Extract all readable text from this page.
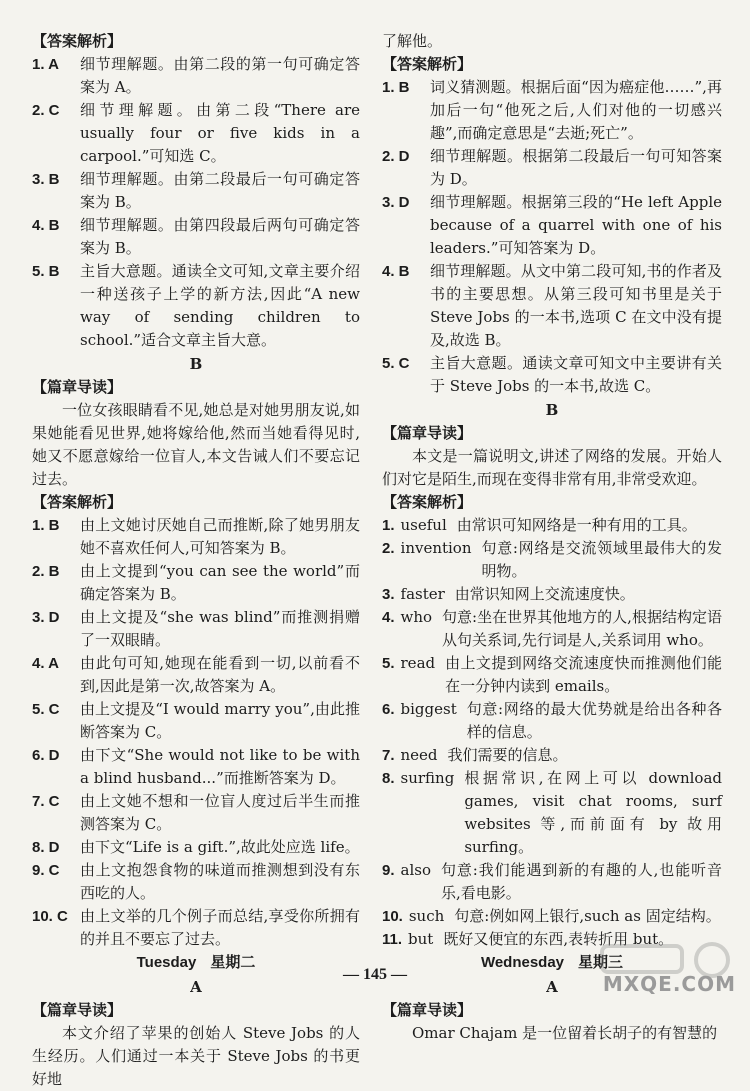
【答案解析】
1. A	细节理解题。由第二段的第一句可确定答案为 A。
2. C	细节理解题。由第二段“There are usually four or five kids in a carpool.”可知选 C。
3. B	细节理解题。由第二段最后一句可确定答案为 B。
4. B	细节理解题。由第四段最后两句可确定答案为 B。
5. B	主旨大意题。通读全文可知,文章主要介绍一种送孩子上学的新方法,因此“A new way of sending children to school.”适合文章主旨大意。
B
【篇章导读】

一位女孩眼睛看不见,她总是对她男朋友说,如果她能看见世界,她将嫁给他,然而当她看得见时,她又不愿意嫁给一位盲人,本文告诫人们不要忘记过去。

【答案解析】
1. B	由上文她讨厌她自己而推断,除了她男朋友她不喜欢任何人,可知答案为 B。
2. B	由上文提到“you can see the world”而确定答案为 B。
3. D	由上文提及“she was blind”而推测捐赠了一双眼睛。
4. A	由此句可知,她现在能看到一切,以前看不到,因此是第一次,故答案为 A。
5. C	由上文提及“I would marry you”,由此推断答案为 C。
6. D	由下文“She would not like to be with a blind husband...”而推断答案为 D。
7. C	由上文她不想和一位盲人度过后半生而推测答案为 C。
8. D	由下文“Life is a gift.”,故此处应选 life。
9. C	由上文抱怨食物的味道而推测想到没有东西吃的人。
10. C 由上文举的几个例子而总结,享受你所拥有的并且不要忘了过去。
Tuesday 星期二
A
【篇章导读】

本文介绍了苹果的创始人 Steve Jobs 的人生经历。人们通过一本关于 Steve Jobs 的书更好地

了解他。

【答案解析】
1. B	词义猜测题。根据后面“因为癌症他……”,再加后一句“他死之后,人们对他的一切感兴趣”,而确定意思是“去逝;死亡”。
2. D	细节理解题。根据第二段最后一句可知答案为 D。
3. D	细节理解题。根据第三段的“He left Apple because of a quarrel with one of his leaders.”可知答案为 D。
4. B	细节理解题。从文中第二段可知,书的作者及书的主要思想。从第三段可知书里是关于 Steve Jobs 的一本书,选项 C 在文中没有提及,故选 B。
5. C	主旨大意题。通读文章可知文中主要讲有关于 Steve Jobs 的一本书,故选 C。
B
【篇章导读】

本文是一篇说明文,讲述了网络的发展。开始人们对它是陌生,而现在变得非常有用,非常受欢迎。

【答案解析】
1. useful 由常识可知网络是一种有用的工具。
2. invention 句意:网络是交流领域里最伟大的发明物。
3. faster 由常识知网上交流速度快。
4. who 句意:坐在世界其他地方的人,根据结构定语从句关系词,先行词是人,关系词用 who。
5. read 由上文提到网络交流速度快而推测他们能在一分钟内读到 emails。
6. biggest 句意:网络的最大优势就是给出各种各样的信息。
7. need 我们需要的信息。
8. surfing 根据常识,在网上可以 download games, visit chat rooms, surf websites 等,而前面有 by 故用 surfing。
9. also 句意:我们能遇到新的有趣的人,也能听音乐,看电影。
10. such 句意:例如网上银行,such as 固定结构。
11. but 既好又便宜的东西,表转折用 but。
Wednesday 星期三
A
【篇章导读】

Omar Chajam 是一位留着长胡子的有智慧的

— 145 —	MXQE.COM
